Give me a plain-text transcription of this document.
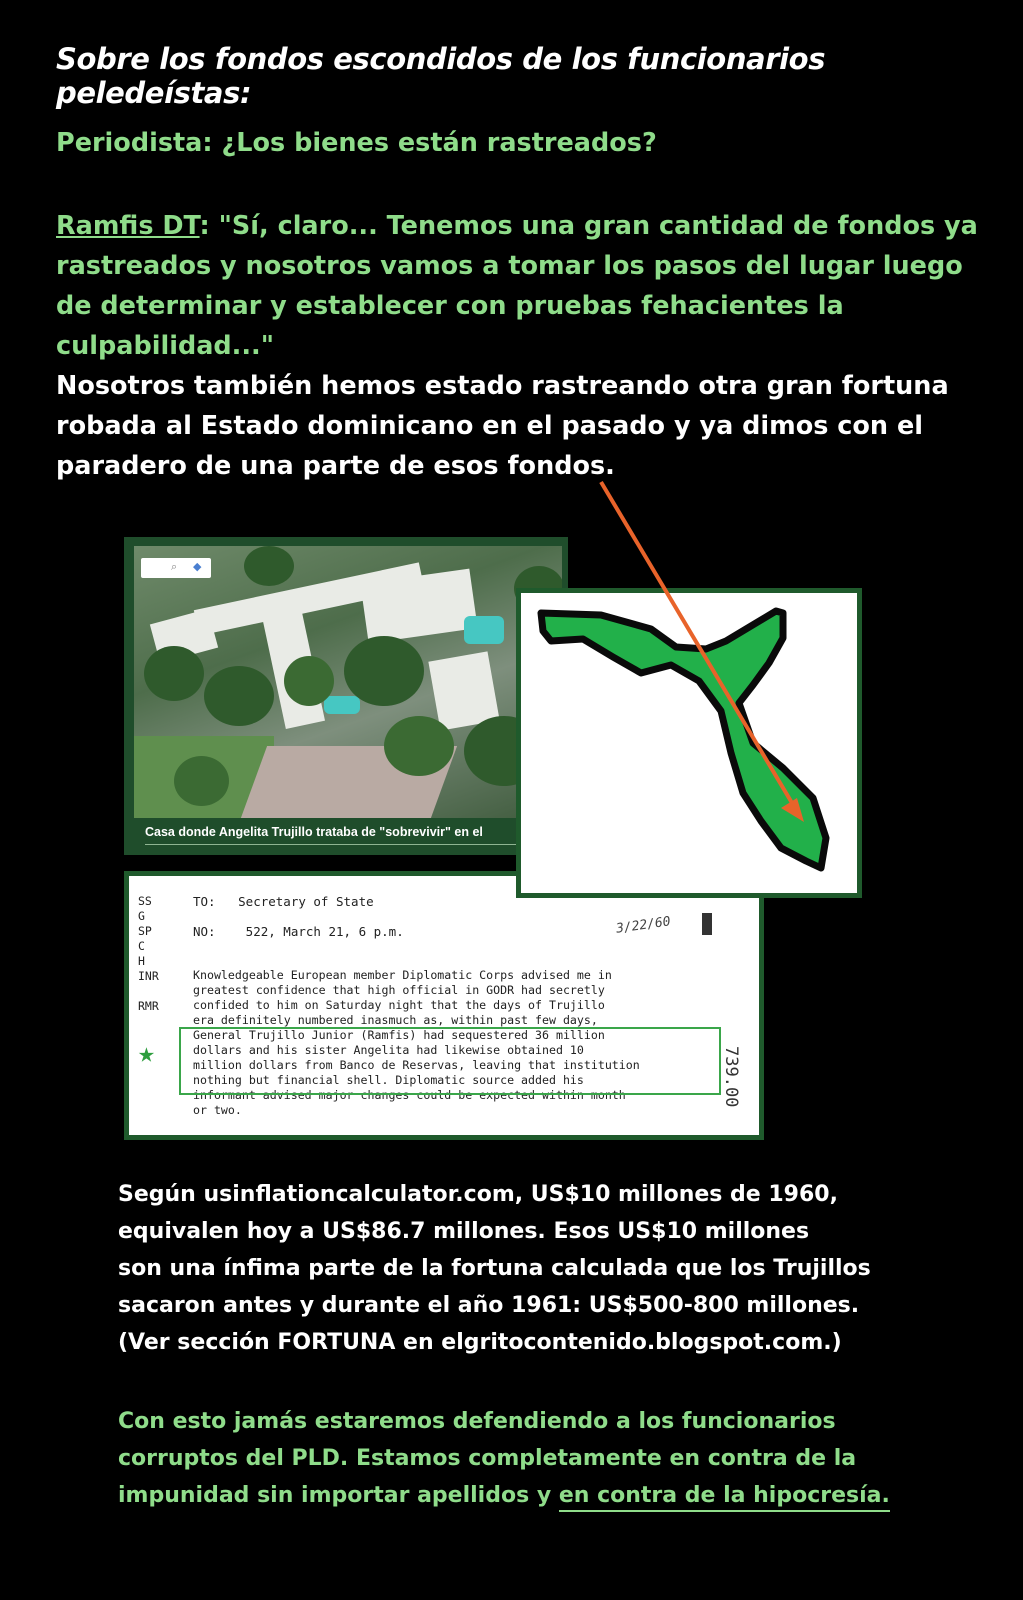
Sobre los fondos escondidos de los funcionarios peledeístas:

Periodista: ¿Los bienes están rastreados?

Ramfis DT: "Sí, claro... Tenemos una gran cantidad de fondos ya rastreados y nosotros vamos a tomar los pasos del lugar luego de determinar y establecer con pruebas fehacientes la culpabilidad..."

Nosotros también hemos estado rastreando otra gran fortuna robada al Estado dominicano en el pasado y ya dimos con el paradero de una parte de esos fondos.

⌕ ◆
Casa donde Angelita Trujillo trataba de "sobrevivir" en el
SS
G
SP
C
H
INR

RMR
TO:   Secretary of State
NO:    522, March 21, 6 p.m.	3/22/60
Knowledgeable European member Diplomatic Corps advised me in
greatest confidence that high official in GODR had secretly
confided to him on Saturday night that the days of Trujillo
era definitely numbered inasmuch as, within past few days,
General Trujillo Junior (Ramfis) had sequestered 36 million
dollars and his sister Angelita had likewise obtained 10
million dollars from Banco de Reservas, leaving that institution
nothing but financial shell. Diplomatic source added his
informant advised major changes could be expected within month
or two.
★	739.00
Según usinflationcalculator.com, US$10 millones de 1960,
equivalen hoy a US$86.7 millones. Esos US$10 millones
son una ínfima parte de la fortuna calculada que los Trujillos
sacaron antes y durante el año 1961: US$500-800 millones.
(Ver sección FORTUNA en elgritocontenido.blogspot.com.)
Con esto jamás estaremos defendiendo a los funcionarios
corruptos del PLD. Estamos completamente en contra de la
impunidad sin importar apellidos y en contra de la hipocresía.
